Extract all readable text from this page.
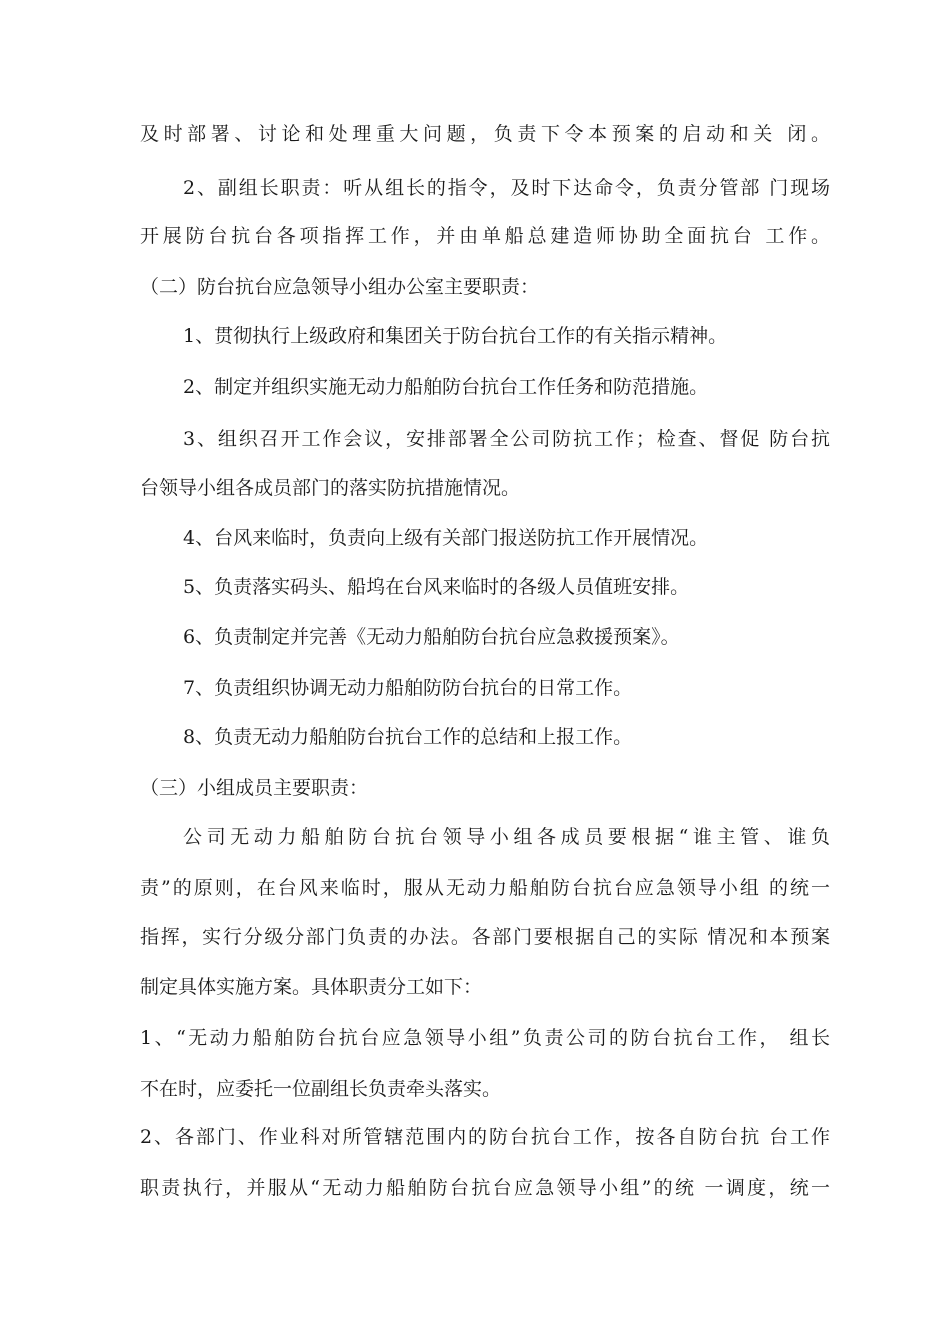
及时部署、讨论和处理重大问题，负责下令本预案的启动和关 闭。
2、副组长职责：听从组长的指令，及时下达命令，负责分管部 门现场
开展防台抗台各项指挥工作，并由单船总建造师协助全面抗台 工作。
（二）防台抗台应急领导小组办公室主要职责：
1、贯彻执行上级政府和集团关于防台抗台工作的有关指示精神。
2、制定并组织实施无动力船舶防台抗台工作任务和防范措施。
3、组织召开工作会议，安排部署全公司防抗工作；检查、督促 防台抗
台领导小组各成员部门的落实防抗措施情况。
4、台风来临时，负责向上级有关部门报送防抗工作开展情况。
5、负责落实码头、船坞在台风来临时的各级人员值班安排。
6、负责制定并完善《无动力船舶防台抗台应急救援预案》。
7、负责组织协调无动力船舶防防台抗台的日常工作。
8、负责无动力船舶防台抗台工作的总结和上报工作。
（三）小组成员主要职责：
公司无动力船舶防台抗台领导小组各成员要根据“谁主管、谁负
责”的原则，在台风来临时，服从无动力船舶防台抗台应急领导小组 的统一
指挥，实行分级分部门负责的办法。各部门要根据自己的实际 情况和本预案
制定具体实施方案。具体职责分工如下：
1、“无动力船舶防台抗台应急领导小组”负责公司的防台抗台工作， 组长
不在时，应委托一位副组长负责牵头落实。
2、各部门、作业科对所管辖范围内的防台抗台工作，按各自防台抗 台工作
职责执行，并服从“无动力船舶防台抗台应急领导小组”的统 一调度，统一
